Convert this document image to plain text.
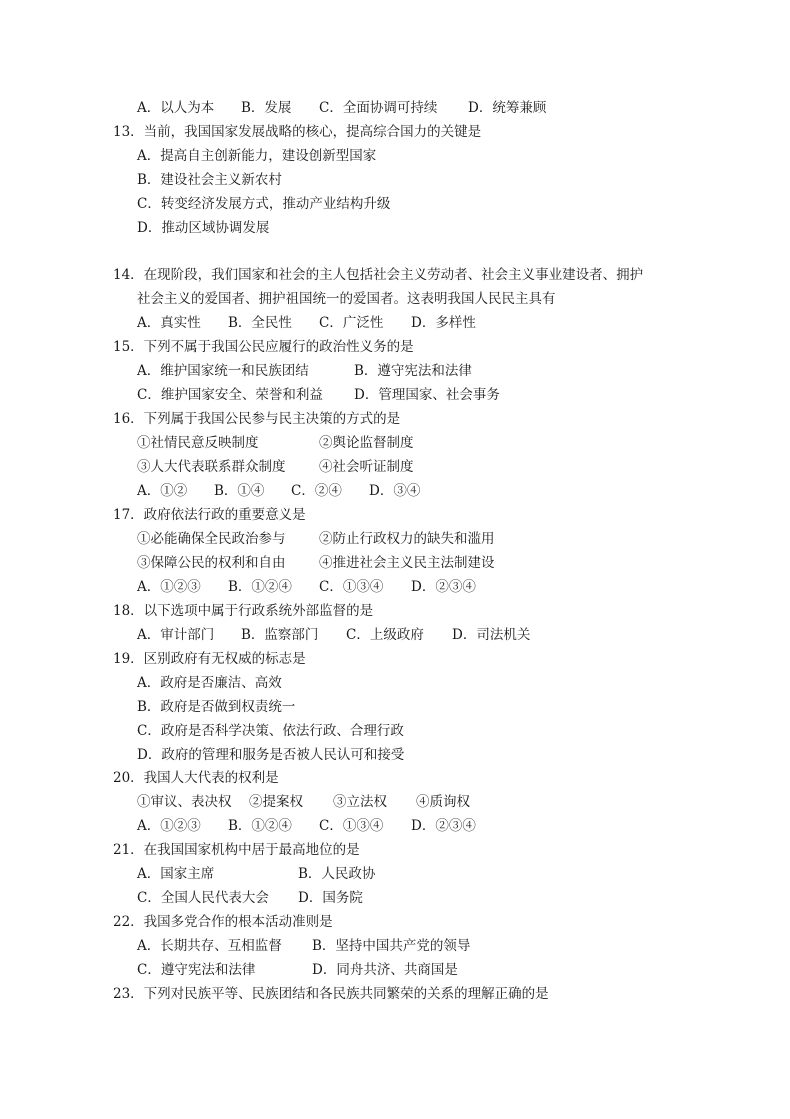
A．以人为本 B．发展 C．全面协调可持续 D．统筹兼顾
13．当前，我国国家发展战略的核心，提高综合国力的关键是
A．提高自主创新能力，建设创新型国家
B．建设社会主义新农村
C．转变经济发展方式，推动产业结构升级
D．推动区域协调发展
14．在现阶段，我们国家和社会的主人包括社会主义劳动者、社会主义事业建设者、拥护
社会主义的爱国者、拥护祖国统一的爱国者。这表明我国人民民主具有
A．真实性 B．全民性 C．广泛性 D．多样性
15．下列不属于我国公民应履行的政治性义务的是
A．维护国家统一和民族团结	B．遵守宪法和法律
C．维护国家安全、荣誉和利益 D．管理国家、社会事务
16．下列属于我国公民参与民主决策的方式的是
①社情民意反映制度	②舆论监督制度
③人大代表联系群众制度 ④社会听证制度
A．①② B．①④ C．②④ D．③④
17．政府依法行政的重要意义是
①必能确保全民政治参与 ②防止行政权力的缺失和滥用
③保障公民的权利和自由 ④推进社会主义民主法制建设
A．①②③ B．①②④ C．①③④ D．②③④
18．以下选项中属于行政系统外部监督的是
A．审计部门 B．监察部门 C．上级政府 D．司法机关
19．区别政府有无权威的标志是
A．政府是否廉洁、高效
B．政府是否做到权责统一
C．政府是否科学决策、依法行政、合理行政
D．政府的管理和服务是否被人民认可和接受
20．我国人大代表的权利是
①审议、表决权 ②提案权 ③立法权 ④质询权
A．①②③ B．①②④ C．①③④ D．②③④
21．在我国国家机构中居于最高地位的是
A．国家主席	B．人民政协
C．全国人民代表大会 D．国务院
22．我国多党合作的根本活动准则是
A．长期共存、互相监督 B．坚持中国共产党的领导
C．遵守宪法和法律	D．同舟共济、共商国是
23．下列对民族平等、民族团结和各民族共同繁荣的关系的理解正确的是
